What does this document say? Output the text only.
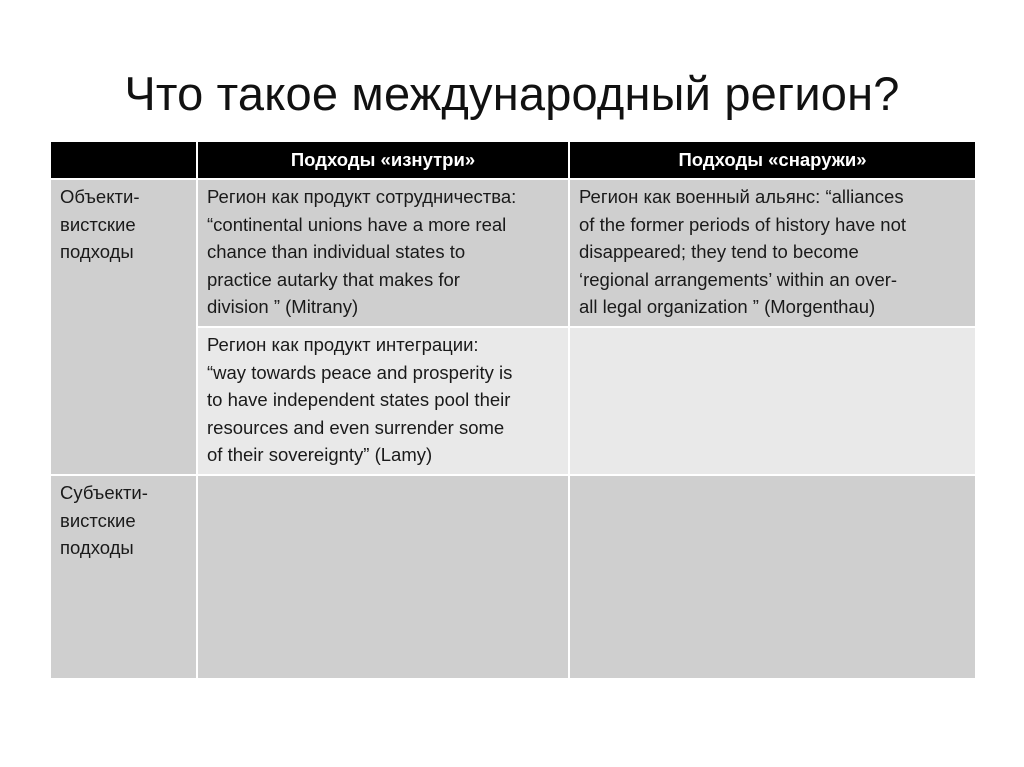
Что такое международный регион?
	Подходы «изнутри»	Подходы «снаружи»

Объекти-
вистские
подходы	Регион как продукт сотрудничества:
“continental unions have a more real
chance than individual states to
practice autarky that makes for
division ” (Mitrany)	Регион как военный альянс: “alliances
of the former periods of history have not
disappeared; they tend to become
‘regional arrangements’ within an over-
all legal organization ” (Morgenthau)

	Регион как продукт интеграции:
“way towards peace and prosperity is
to have independent states pool their
resources and even surrender some
of their sovereignty” (Lamy)	

Субъекти-
вистские
подходы		
